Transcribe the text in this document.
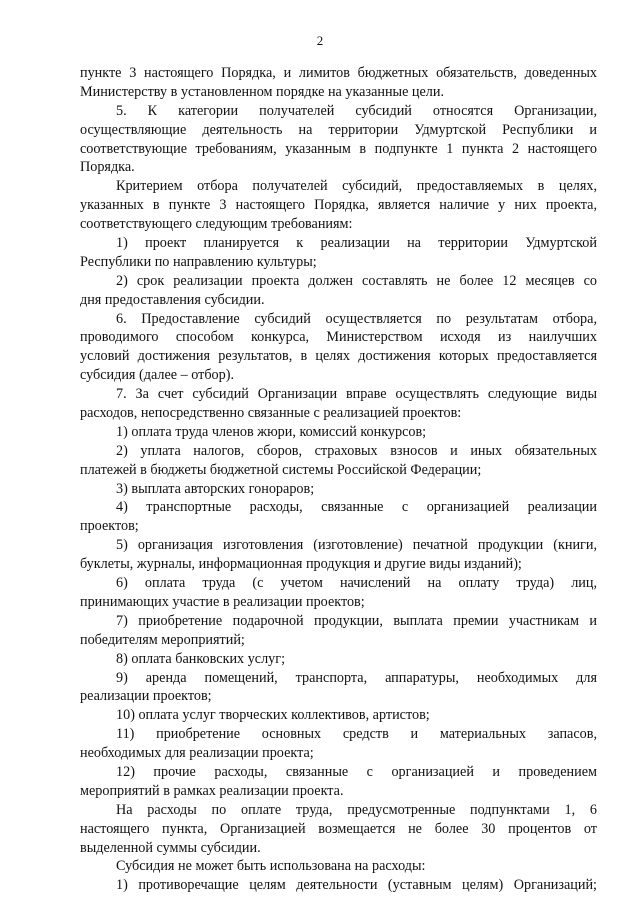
2
пункте 3 настоящего Порядка, и лимитов бюджетных обязательств, доведенных
Министерству в установленном порядке на указанные цели.
5. К категории получателей субсидий относятся Организации,
осуществляющие деятельность на территории Удмуртской Республики и
соответствующие требованиям, указанным в подпункте 1 пункта 2 настоящего
Порядка.
Критерием отбора получателей субсидий, предоставляемых в целях,
указанных в пункте 3 настоящего Порядка, является наличие у них проекта,
соответствующего следующим требованиям:
1) проект планируется к реализации на территории Удмуртской
Республики по направлению культуры;
2) срок реализации проекта должен составлять не более 12 месяцев со
дня предоставления субсидии.
6. Предоставление субсидий осуществляется по результатам отбора,
проводимого способом конкурса, Министерством исходя из наилучших
условий достижения результатов, в целях достижения которых предоставляется
субсидия (далее – отбор).
7. За счет субсидий Организации вправе осуществлять следующие виды
расходов, непосредственно связанные с реализацией проектов:
1) оплата труда членов жюри, комиссий конкурсов;
2) уплата налогов, сборов, страховых взносов и иных обязательных
платежей в бюджеты бюджетной системы Российской Федерации;
3) выплата авторских гонораров;
4) транспортные расходы, связанные с организацией реализации
проектов;
5) организация изготовления (изготовление) печатной продукции (книги,
буклеты, журналы, информационная продукция и другие виды изданий);
6) оплата труда (с учетом начислений на оплату труда) лиц,
принимающих участие в реализации проектов;
7) приобретение подарочной продукции, выплата премии участникам и
победителям мероприятий;
8) оплата банковских услуг;
9) аренда помещений, транспорта, аппаратуры, необходимых для
реализации проектов;
10) оплата услуг творческих коллективов, артистов;
11) приобретение основных средств и материальных запасов,
необходимых для реализации проекта;
12) прочие расходы, связанные с организацией и проведением
мероприятий в рамках реализации проекта.
На расходы по оплате труда, предусмотренные подпунктами 1, 6
настоящего пункта, Организацией возмещается не более 30 процентов от
выделенной суммы субсидии.
Субсидия не может быть использована на расходы:
1) противоречащие целям деятельности (уставным целям) Организаций;
